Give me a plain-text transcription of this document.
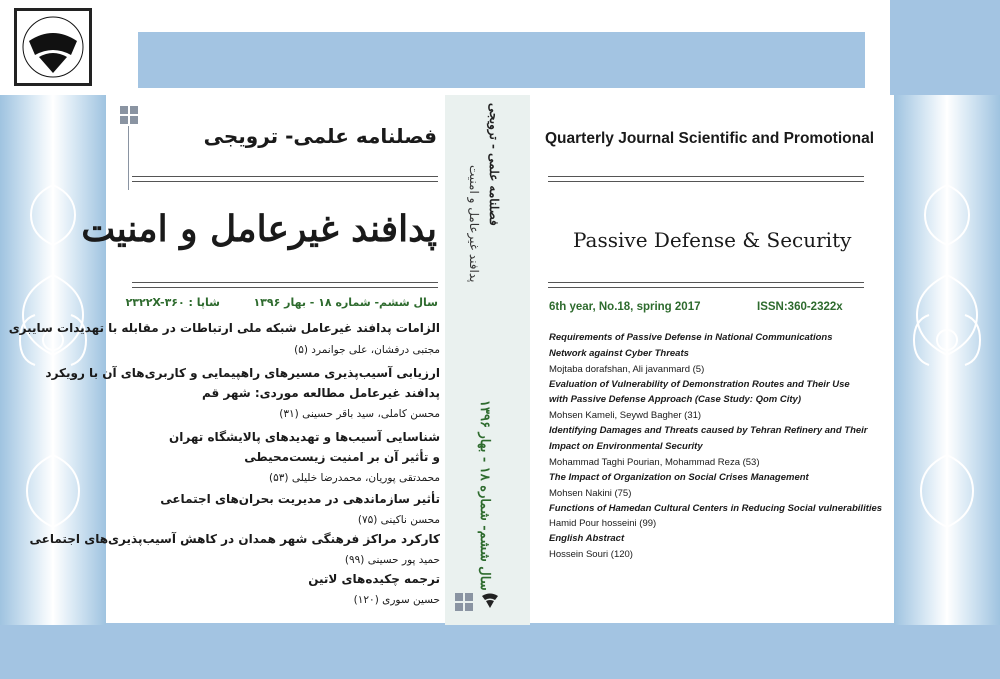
فصلنامه علمی - ترویجی
پدافند غیرعامل و امنیت
سال ششم- شماره ۱۸ - بهار ۱۳۹۶
فصلنامه علمی- ترویجی
پدافند غیرعامل و امنیت
سال ششم- شماره ۱۸ - بهار ۱۳۹۶
شاپا : ۲۳۲۲X-۳۶۰
الزامات پدافند غیرعامل شبکه ملی ارتباطات در مقابله با تهدیدات سایبری
مجتبی درفشان، علی جوانمرد (۵)
ارزیابی آسیب‌پذیری مسیرهای راهپیمایی و کاربری‌های آن با رویکرد
پدافند غیرعامل مطالعه موردی: شهر قم
محسن کاملی، سید باقر حسینی (۳۱)
شناسایی آسیب‌ها و تهدیدهای پالایشگاه تهران
و تأثیر آن بر امنیت زیست‌محیطی
محمدتقی پوریان، محمدرضا خلیلی (۵۳)
تأثیر سازماندهی در مدیریت بحران‌های اجتماعی
محسن ناکینی (۷۵)
کارکرد مراکز فرهنگی شهر همدان در کاهش آسیب‌پذیری‌های اجتماعی
حمید پور حسینی (۹۹)
ترجمه چکیده‌های لاتین
حسین سوری (۱۲۰)
Quarterly Journal Scientific and Promotional
Passive Defense & Security
6th year, No.18, spring 2017	ISSN:360-2322x
Requirements of Passive Defense in National Communications
Network against Cyber Threats
Mojtaba dorafshan, Ali javanmard (5)
Evaluation of Vulnerability of Demonstration Routes and Their Use
with Passive Defense Approach (Case Study: Qom City)
Mohsen Kameli, Seywd Bagher (31)
Identifying Damages and Threats caused by Tehran Refinery and Their
Impact on Environmental Security
Mohammad Taghi Pourian, Mohammad Reza (53)
The Impact of Organization on Social Crises Management
Mohsen Nakini (75)
Functions of Hamedan Cultural Centers in Reducing Social vulnerabilities
Hamid Pour hosseini (99)
English Abstract
Hossein Souri (120)
